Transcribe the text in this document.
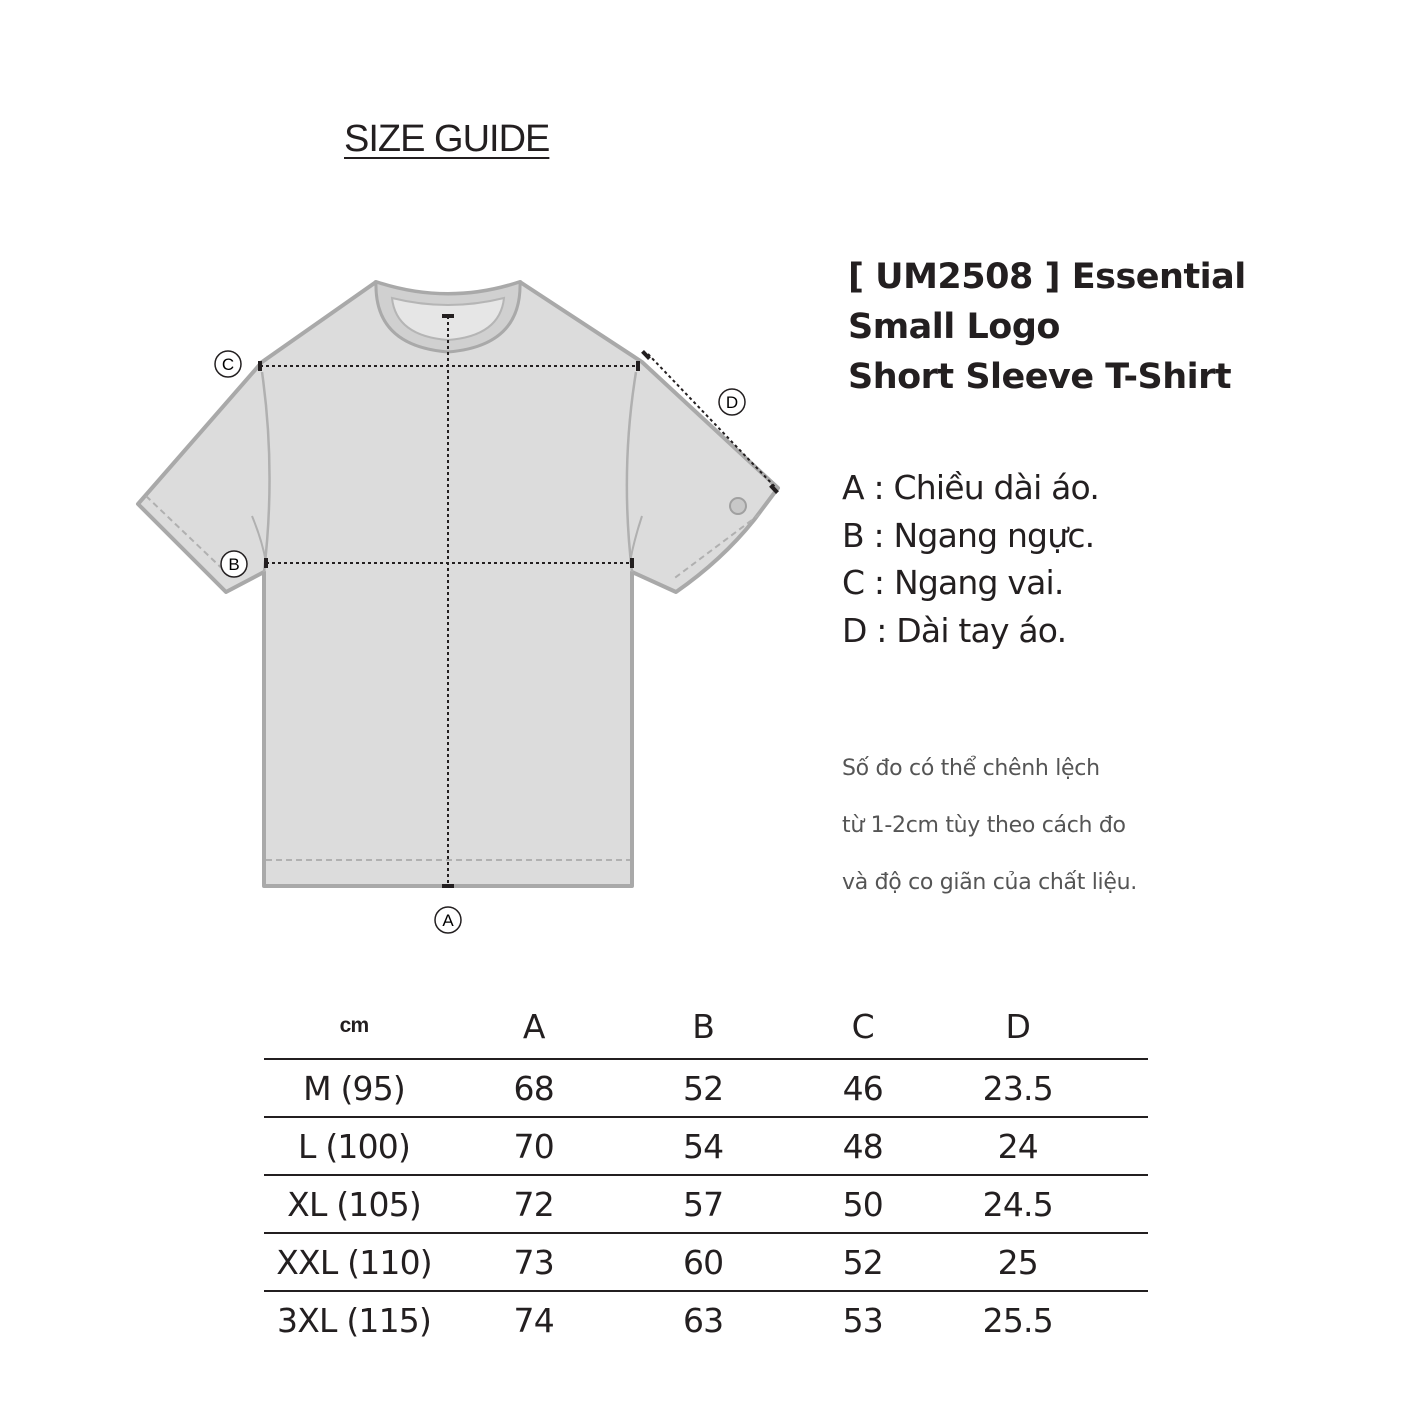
SIZE GUIDE
A
B
C
D
[ UM2508 ] Essential
Small Logo
Short Sleeve T-Shirt
A : Chiều dài áo.
B : Ngang ngực.
C : Ngang vai.
D : Dài tay áo.
Số đo có thể chênh lệch
từ 1-2cm tùy theo cách đo
và độ co giãn của chất liệu.
cm	A	B	C	D	
M (95)	68	52	46	23.5	
L (100)	70	54	48	24	
XL (105)	72	57	50	24.5	
XXL (110)	73	60	52	25	
3XL (115)	74	63	53	25.5	
